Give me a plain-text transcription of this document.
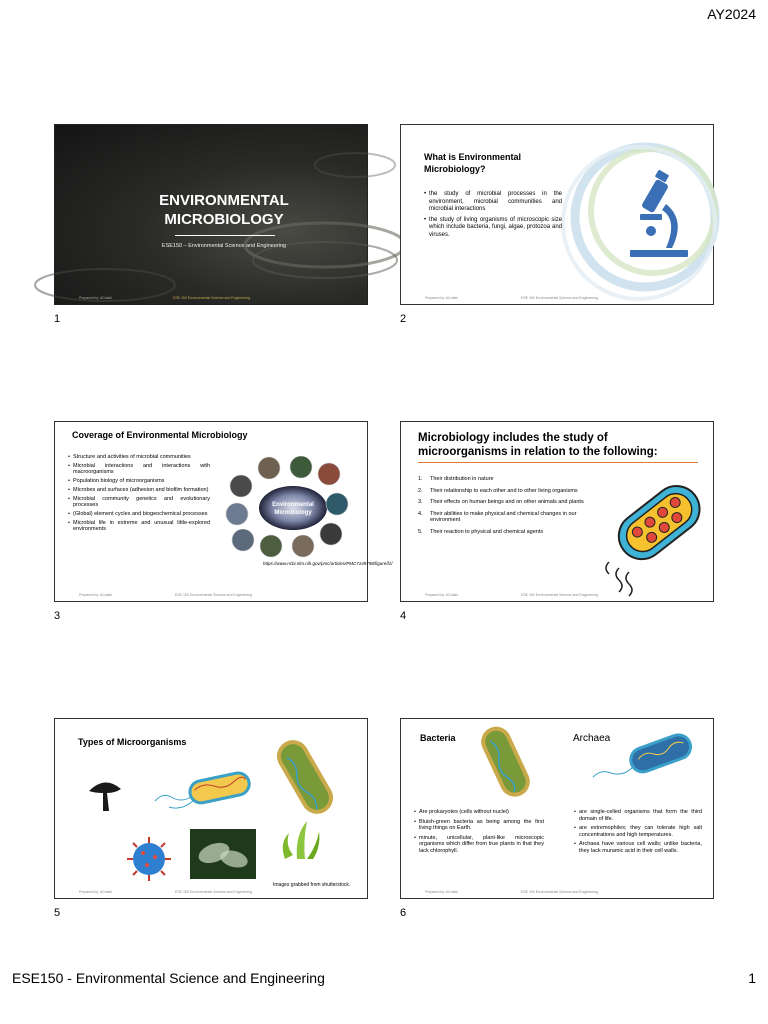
AY2024
ENVIRONMENTAL
MICROBIOLOGY
ESE150 – Environmental Science and Engineering
Prepared by: AColabi	ESE 150 Environmental Science and Engineering
1
What is Environmental Microbiology?
• the study of microbial processes in the environment, microbial communities and microbial interactions
• the study of living organisms of microscopic size which include bacteria, fungi, algae, protozoa and viruses.
Prepared by: AColabi	ESE 150 Environmental Science and Engineering
2
Coverage of Environmental Microbiology
• Structure and activities of microbial communities
• Microbial interactions and interactions with macroorganisms
• Population biology of microorganisms
• Microbes and surfaces (adhesion and biofilm formation)
• Microbial community genetics and evolutionary processes
• (Global) element cycles and biogeochemical processes
• Microbial life in extreme and unusual little-explored environments
Environmental
Microbiology
https://www.ncbi.nlm.nih.gov/pmc/articles/PMC7149798/figure/f1/
Prepared by: AColabi	ESE 150 Environmental Science and Engineering
3
Microbiology includes the study of
microorganisms in relation to the following:
1.	Their distribution in nature
2.	Their relationship to each other and to other living organisms
3.	Their effects on human beings and on other animals and plants
4.	Their abilities to make physical and chemical changes in our environment
5.	Their reaction to physical and chemical agents
Prepared by: AColabi	ESE 150 Environmental Science and Engineering
4
Types of Microorganisms
Images grabbed from shutterstock.
Prepared by: AColabi	ESE 150 Environmental Science and Engineering
5
Bacteria	Archaea
• Are prokaryotes (cells without nuclei)
• Bluish-green bacteria as being among the first living things on Earth.
• minute, unicellular, plant-like microscopic organisms which differ from true plants in that they lack chlorophyll.
• are single-celled organisms that form the third domain of life.
• are extremophiles; they can tolerate high salt concentrations and high temperatures.
• Archaea have various cell walls; unlike bacteria, they lack muramic acid in their cell walls.
Prepared by: AColabi	ESE 150 Environmental Science and Engineering
6
ESE150 - Environmental Science and Engineering	1
